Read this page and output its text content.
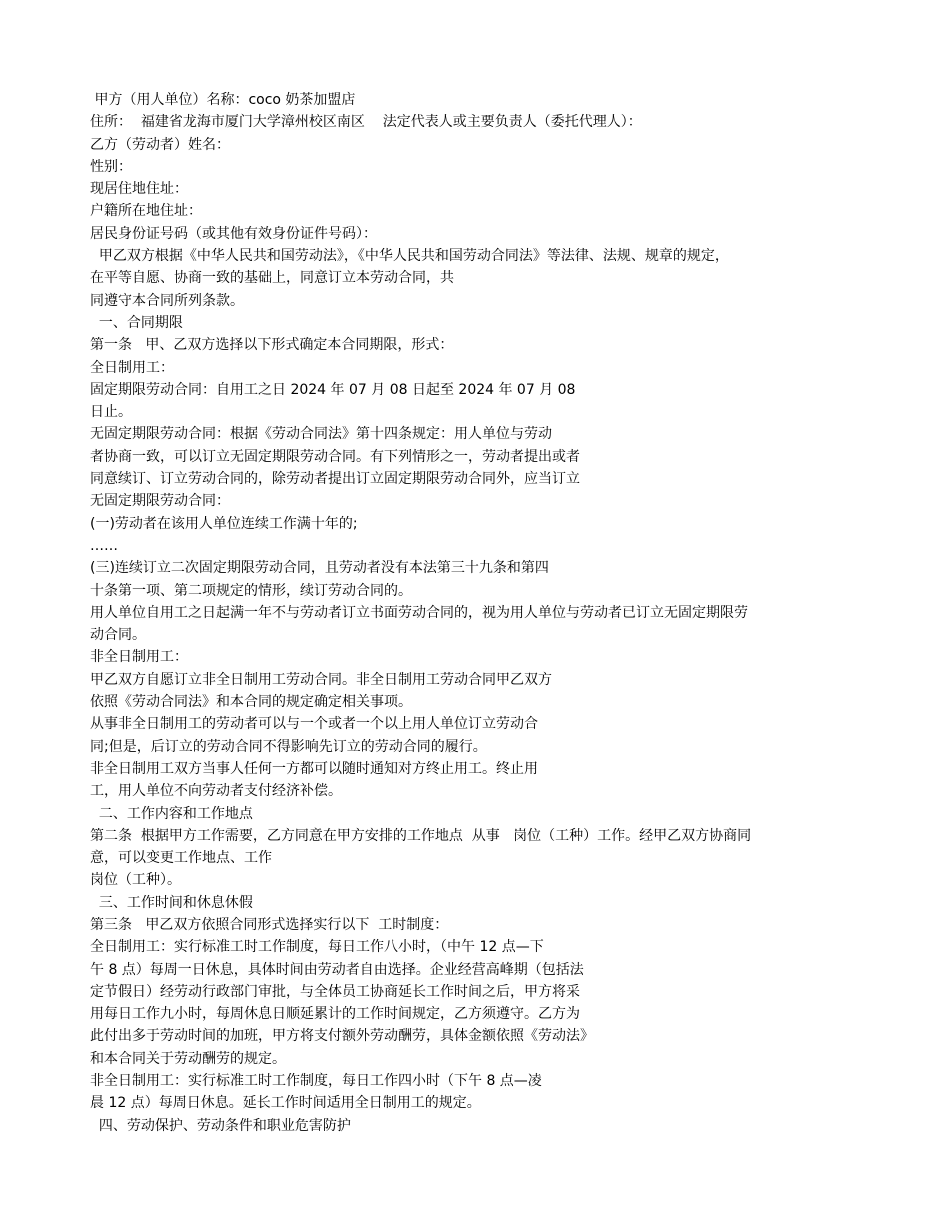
甲方（用人单位）名称：coco 奶茶加盟店
住所：  福建省龙海市厦门大学漳州校区南区    法定代表人或主要负责人（委托代理人）：
乙方（劳动者）姓名：
性别：
现居住地住址：
户籍所在地住址：
居民身份证号码（或其他有效身份证件号码）：
甲乙双方根据《中华人民共和国劳动法》，《中华人民共和国劳动合同法》等法律、法规、规章的规定，
在平等自愿、协商一致的基础上，同意订立本劳动合同，共
同遵守本合同所列条款。
一、合同期限
第一条   甲、乙双方选择以下形式确定本合同期限，形式：
全日制用工：
固定期限劳动合同：自用工之日 2024 年 07 月 08 日起至 2024 年 07 月 08
日止。
无固定期限劳动合同：根据《劳动合同法》第十四条规定：用人单位与劳动
者协商一致，可以订立无固定期限劳动合同。有下列情形之一，劳动者提出或者
同意续订、订立劳动合同的，除劳动者提出订立固定期限劳动合同外，应当订立
无固定期限劳动合同：
(一)劳动者在该用人单位连续工作满十年的;
……
(三)连续订立二次固定期限劳动合同，且劳动者没有本法第三十九条和第四
十条第一项、第二项规定的情形，续订劳动合同的。
用人单位自用工之日起满一年不与劳动者订立书面劳动合同的，视为用人单位与劳动者已订立无固定期限劳
动合同。
非全日制用工：
甲乙双方自愿订立非全日制用工劳动合同。非全日制用工劳动合同甲乙双方
依照《劳动合同法》和本合同的规定确定相关事项。
从事非全日制用工的劳动者可以与一个或者一个以上用人单位订立劳动合
同;但是，后订立的劳动合同不得影响先订立的劳动合同的履行。
非全日制用工双方当事人任何一方都可以随时通知对方终止用工。终止用
工，用人单位不向劳动者支付经济补偿。
二、工作内容和工作地点
第二条  根据甲方工作需要，乙方同意在甲方安排的工作地点  从事   岗位（工种）工作。经甲乙双方协商同
意，可以变更工作地点、工作
岗位（工种）。
三、工作时间和休息休假
第三条   甲乙双方依照合同形式选择实行以下  工时制度：
全日制用工：实行标准工时工作制度，每日工作八小时，（中午 12 点—下
午 8 点）每周一日休息，具体时间由劳动者自由选择。企业经营高峰期（包括法
定节假日）经劳动行政部门审批，与全体员工协商延长工作时间之后，甲方将采
用每日工作九小时，每周休息日顺延累计的工作时间规定，乙方须遵守。乙方为
此付出多于劳动时间的加班，甲方将支付额外劳动酬劳，具体金额依照《劳动法》
和本合同关于劳动酬劳的规定。
非全日制用工：实行标准工时工作制度，每日工作四小时（下午 8 点—凌
晨 12 点）每周日休息。延长工作时间适用全日制用工的规定。
四、劳动保护、劳动条件和职业危害防护
